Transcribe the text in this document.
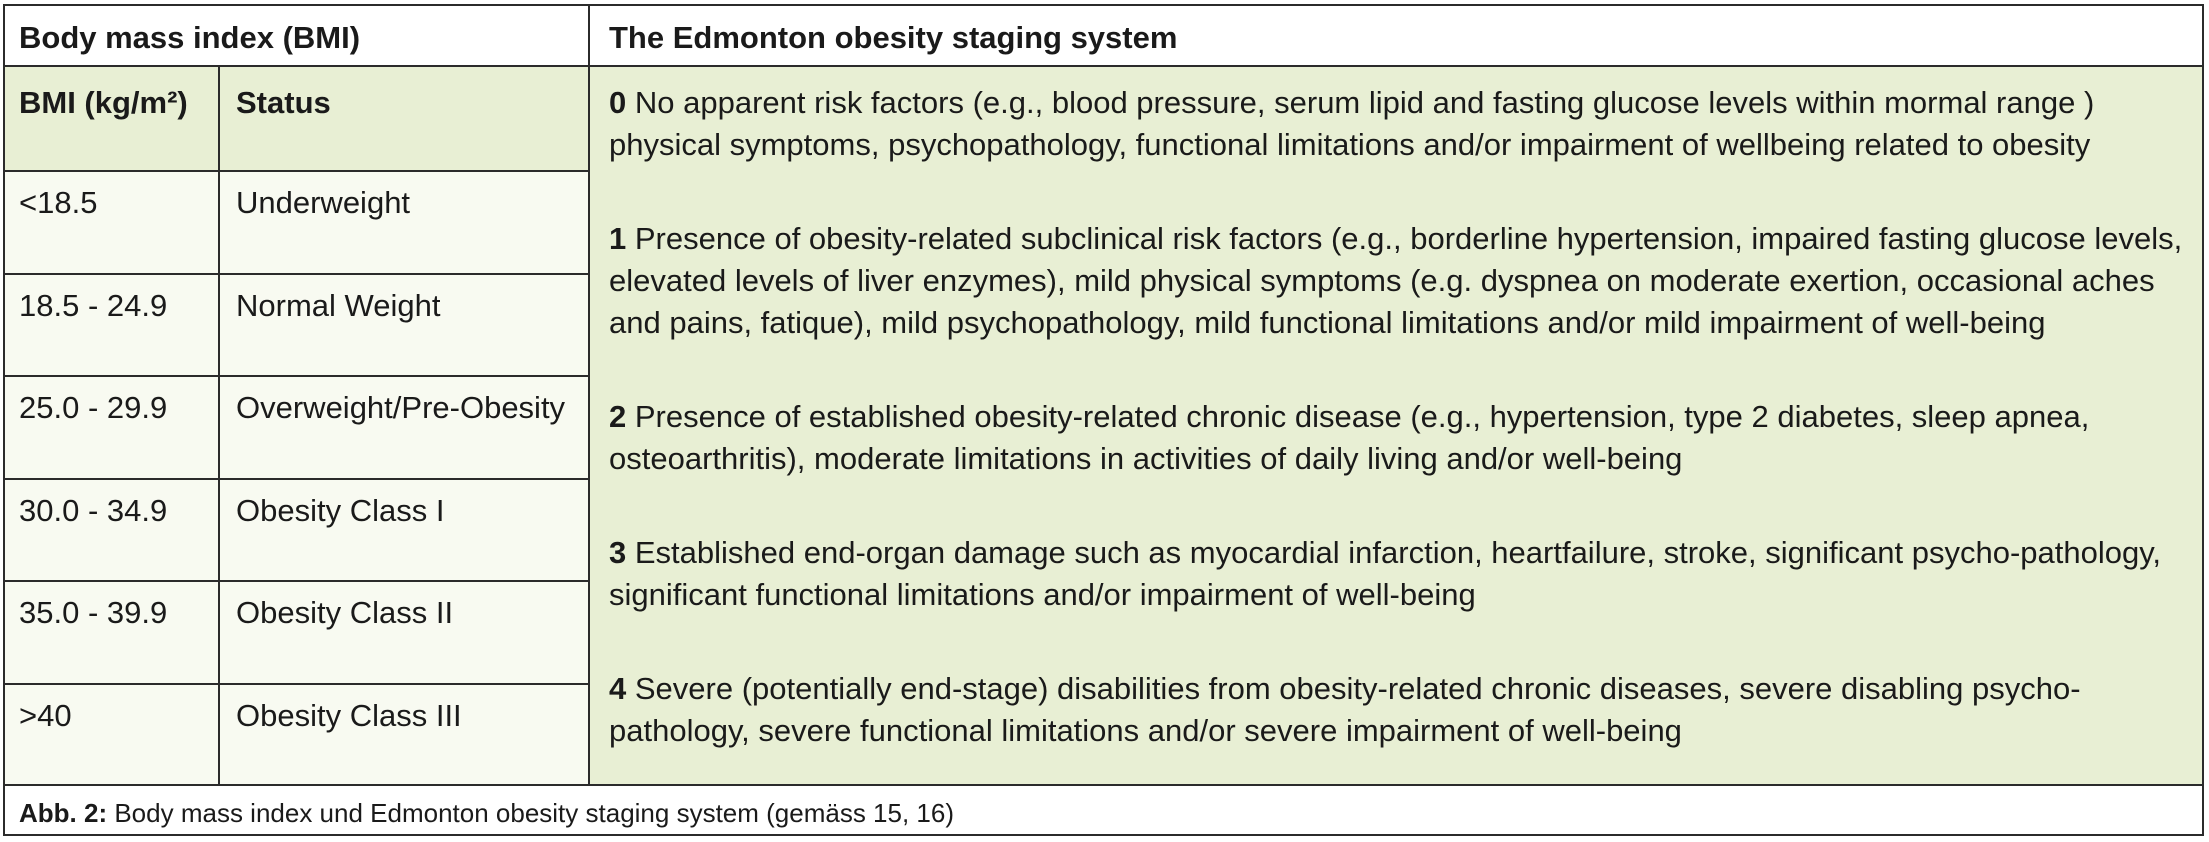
Body mass index (BMI)	The Edmonton obesity staging system
BMI (kg/m²)	Status
<18.5	Underweight
18.5 - 24.9	Normal Weight
25.0 - 29.9	Overweight/Pre-Obesity
30.0 - 34.9	Obesity Class I
35.0 - 39.9	Obesity Class II
>40	Obesity Class III
0 No apparent risk factors (e.g., blood pressure, serum lipid and fasting glucose levels within mormal range ) physical symptoms, psychopathology, functional limitations and/or impairment of wellbeing related to obesity
1 Presence of obesity-related subclinical risk factors (e.g., borderline hypertension, impaired fasting glucose levels, elevated levels of liver enzymes), mild physical symptoms (e.g. dyspnea on moderate exertion, occasional aches and pains, fatique), mild psychopathology, mild functional limitations and/or mild impairment of well-being
2 Presence of established obesity-related chronic disease (e.g., hypertension, type 2 diabetes, sleep apnea, osteoarthritis), moderate limitations in activities of daily living and/or well-being
3 Established end-organ damage such as myocardial infarction, heartfailure, stroke, significant psycho-pathology, significant functional limitations and/or impairment of well-being
4 Severe (potentially end-stage) disabilities from obesity-related chronic diseases, severe disabling psycho-pathology, severe functional limitations and/or severe impairment of well-being
Abb. 2: Body mass index und Edmonton obesity staging system (gemäss 15, 16)
